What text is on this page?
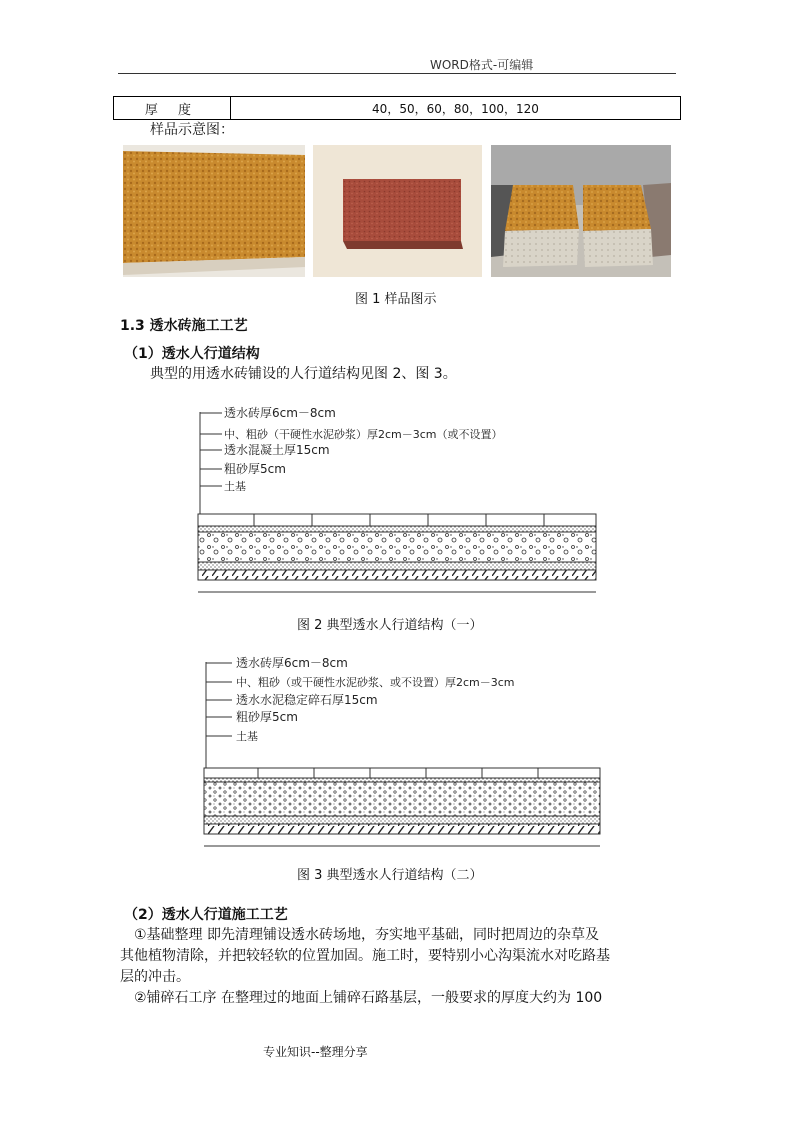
WORD格式-可编辑
厚 度	40，50，60，80，100，120
样品示意图：
图 1 样品图示
1.3 透水砖施工工艺
（1）透水人行道结构
典型的用透水砖铺设的人行道结构见图 2、图 3。
透水砖厚6cm－8cm
中、粗砂（干硬性水泥砂浆）厚2cm－3cm（或不设置）
透水混凝土厚15cm
粗砂厚5cm
土基
图 2 典型透水人行道结构（一）
透水砖厚6cm－8cm
中、粗砂（或干硬性水泥砂浆、或不设置）厚2cm－3cm
透水水泥稳定碎石厚15cm
粗砂厚5cm
土基
图 3 典型透水人行道结构（二）
（2）透水人行道施工工艺
①基础整理 即先清理铺设透水砖场地，夯实地平基础，同时把周边的杂草及
其他植物清除，并把较轻软的位置加固。施工时，要特别小心沟渠流水对吃路基
层的冲击。
②铺碎石工序 在整理过的地面上铺碎石路基层，一般要求的厚度大约为 100
专业知识--整理分享
